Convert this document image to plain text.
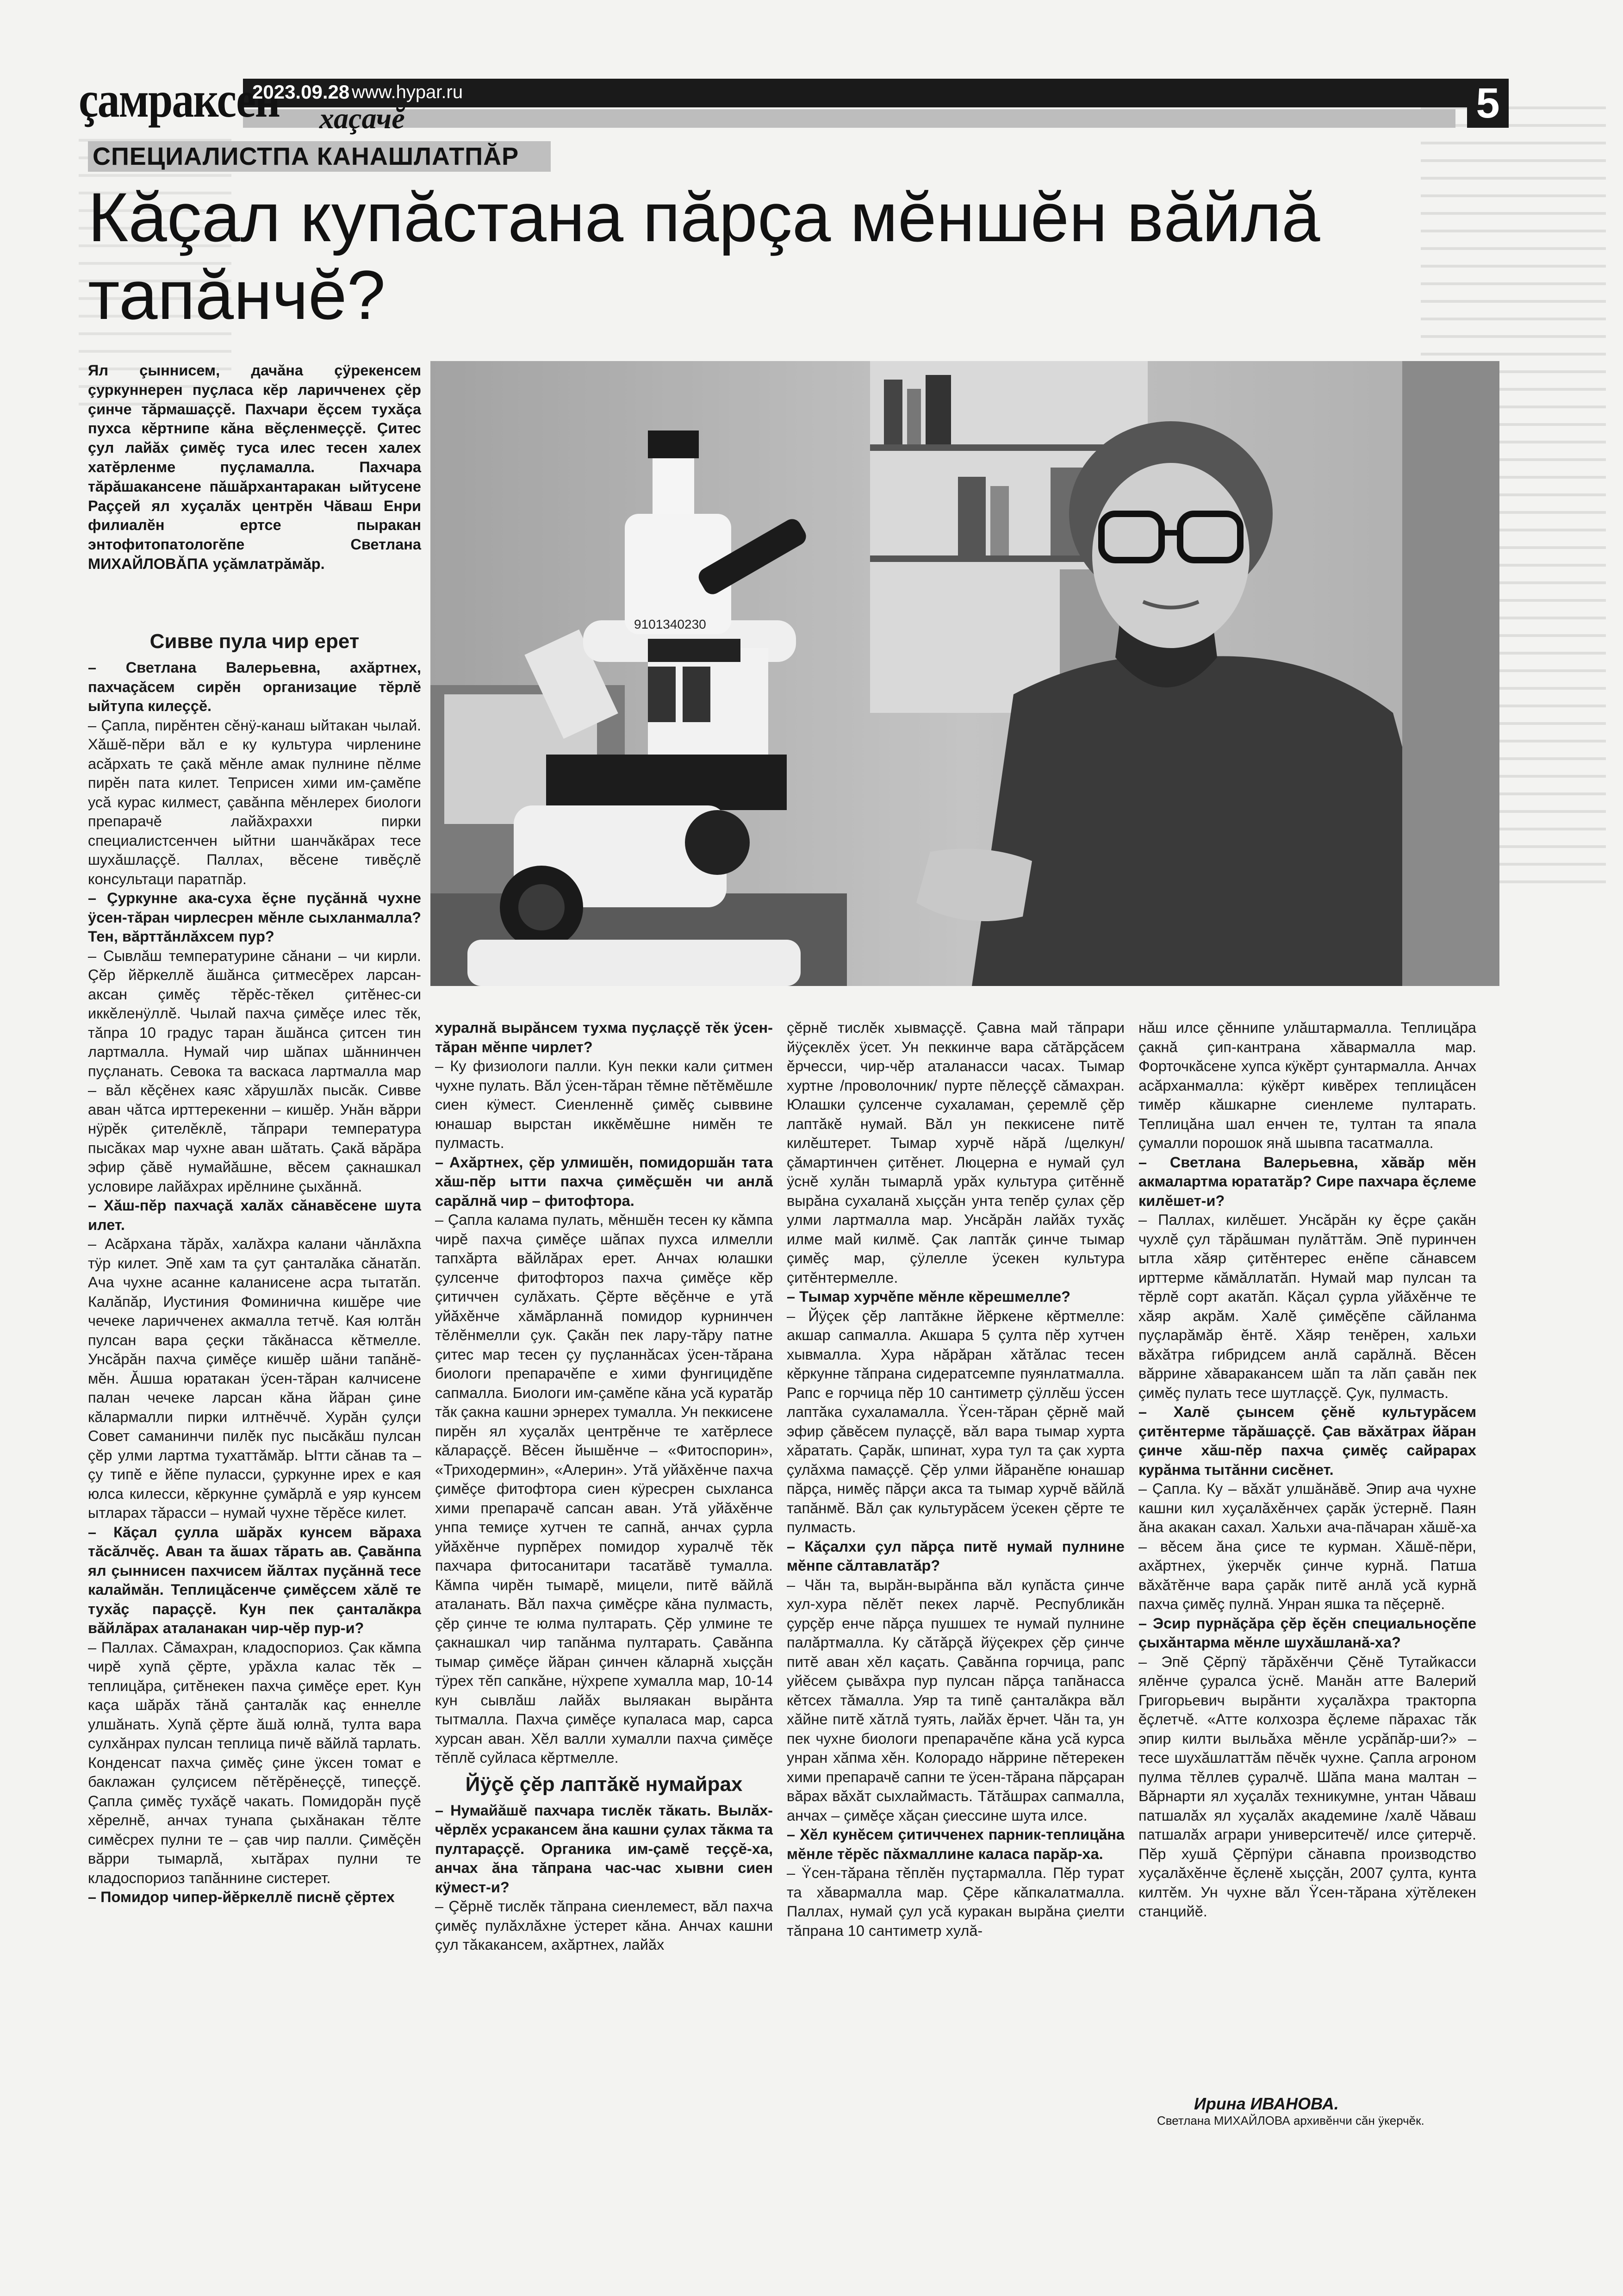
çамраксен
2023.09.28 www.hypar.ru
хаçачĕ	5
СПЕЦИАЛИСТПА КАНАШЛАТПĂР
Кăçал купăстана пăрçа мĕншĕн вăйлă тапăнчĕ?
Ял çыннисем, дачăна çÿрекенсем çуркуннерен пуçласа кĕр ларичченех çĕр çинче тăрмашаççĕ. Пахчари ĕçсем тухăçа пухса кĕртнипе кăна вĕçленмеççĕ. Çитес çул лайăх çимĕç туса илес тесен халех хатĕрленме пуçламалла. Пахчара тăрăшакансене пăшăрхантаракан ыйтусене Раççей ял хуçалăх центрĕн Чăваш Енри филиалĕн ертсе пыракан энтофитопатологĕпе Светлана МИХАЙЛОВĂПА уçăмлатрăмăр.
9101340230
Сивве пула чир ерет

– Светлана Валерьевна, ахăртнех, пахчаçăсем сирĕн организацие тĕрлĕ ыйтупа килеççĕ.

– Çапла, пирĕнтен сĕнÿ-канаш ыйтакан чылай. Хăшĕ-пĕри вăл е ку культура чирленине асăрхать те çакă мĕнле амак пулнине пĕлме пирĕн пата килет. Теприсен хими им-çамĕпе усă курас килмест, çавăнпа мĕнлерех биологи препарачĕ лайăхраххи пирки специалистсенчен ыйтни шанчăкăрах тесе шухăшлаççĕ. Паллах, вĕсене тивĕçлĕ консультаци паратпăр.

– Çуркунне ака-суха ĕçне пуçăннă чухне ÿсен-тăран чирлесрен мĕнле сыхланмалла? Тен, вăрттăнлăхсем пур?

– Сывлăш температурине сăнани – чи кирли. Çĕр йĕркеллĕ ăшăнса çитмесĕрех ларсан-аксан çимĕç тĕрĕс-тĕкел çитĕнес-си иккĕленÿллĕ. Чылай пахча çимĕçе илес тĕк, тăпра 10 градус таран ăшăнса çитсен тин лартмалла. Нумай чир шăпах шăннинчен пуçланать. Севока та васкаса лартмалла мар – вăл кĕçĕнех каяс хăрушлăх пысăк. Сивве аван чăтса ирттерекенни – кишĕр. Унăн вăрри нÿрĕк çителĕклĕ, тăпрари температура пысăках мар чухне аван шăтать. Çакă вăрăра эфир çăвĕ нумайăшне, вĕсем çакнашкал условире лайăхрах ирĕлнине çыхăннă.

– Хăш-пĕр пахчаçă халăх сăнавĕсене шута илет.

– Асăрхана тăрăх, халăхра калани чăнлăхпа тÿр килет. Эпĕ хам та çут çанталăка сăнатăп. Ача чухне асанне каланисене асра тытатăп. Калăпăр, Иустиния Фоминична кишĕре чие чечеке ларичченех акмалла тетчĕ. Кая юлтăн пулсан вара çеçки тăкăнасса кĕтмелле. Унсăрăн пахча çимĕçе кишĕр шăни тапăнĕ-мĕн. Ăшша юратакан ÿсен-тăран калчисене палан чечеке ларсан кăна йăран çине кăлармалли пирки илтнĕччĕ. Хурăн çулçи Совет саманинчи пилĕк пус пысăкăш пулсан çĕр улми лартма тухаттăмăр. Ытти сăнав та – çу типĕ е йĕпе пуласси, çуркунне ирех е кая юлса килесси, кĕркунне çумăрлă е уяр кунсем ытларах тăрасси – нумай чухне тĕрĕсе килет.

– Кăçал çулла шăрăх кунсем вăраха тăсăлчĕç. Аван та ăшах тăрать ав. Çавăнпа ял çыннисен пахчисем йăлтах пуçăннă тесе калаймăн. Теплицăсенче çимĕçсем хăлĕ те тухăç параççĕ. Кун пек çанталăкра вăйлăрах аталанакан чир-чĕр пур-и?

– Паллах. Сăмахран, кладоспориоз. Çак кăмпа чирĕ хупă çĕрте, урăхла калас тĕк – теплицăра, çитĕнекен пахча çимĕçе ерет. Кун каçа шăрăх тăнă çанталăк каç еннелле улшăнать. Хупă çĕрте ăшă юлнă, тулта вара сулхăнрах пулсан теплица пичĕ вăйлă тарлать. Конденсат пахча çимĕç çине ÿксен томат е баклажан çулçисем пĕтĕрĕнеççĕ, типеççĕ. Çапла çимĕç тухăçĕ чакать. Помидорăн пуçĕ хĕрелнĕ, анчах тунапа çыхăнакан тĕлте симĕсрех пулни те – çав чир палли. Çимĕçĕн вăрри тымарлă, хытăрах пулни те кладоспориоз тапăннине систерет.

– Помидор чипер-йĕркеллĕ писнĕ çĕртех

хуралнă вырăнсем тухма пуçлаççĕ тĕк ÿсен-тăран мĕнпе чирлет?

– Ку физиологи палли. Кун пекки кали çитмен чухне пулать. Вăл ÿсен-тăран тĕмне пĕтĕмĕшле сиен кÿмест. Сиенленнĕ çимĕç сыввине юнашар вырстан иккĕмĕшне нимĕн те пулмасть.

– Ахăртнех, çĕр улмишĕн, помидоршăн тата хăш-пĕр ытти пахча çимĕçшĕн чи анлă сарăлнă чир – фитофтора.

– Çапла калама пулать, мĕншĕн тесен ку кăмпа чирĕ пахча çимĕçе шăпах пухса илмелли тапхăрта вăйлăрах ерет. Анчах юлашки çулсенче фитофтороз пахча çимĕçе кĕр çитиччен сулăхать. Çĕрте вĕçĕнче е утă уйăхĕнче хăмăрланнă помидор курнинчен тĕлĕнмелли çук. Çакăн пек лару-тăру патне çитес мар тесен çу пуçланнăсах ÿсен-тăрана биологи препарачĕпе е хими фунгицидĕпе сапмалла. Биологи им-çамĕпе кăна усă куратăр тăк çакна кашни эрнерех тумалла. Ун пеккисене пирĕн ял хуçалăх центрĕнче те хатĕрлесе кăлараççĕ. Вĕсен йышĕнче – «Фитоспорин», «Триходермин», «Алерин». Утă уйăхĕнче пахча çимĕçе фитофтора сиен кÿресрен сыхланса хими препарачĕ сапсан аван. Утă уйăхĕнче унпа темиçе хутчен те сапнă, анчах çурла уйăхĕнче пурпĕрех помидор хуралчĕ тĕк пахчара фитосанитари тасатăвĕ тумалла. Кăмпа чирĕн тымарĕ, мицели, питĕ вăйлă аталанать. Вăл пахча çимĕçре кăна пулмасть, çĕр çинче те юлма пултарать. Çĕр улмине те çакнашкал чир тапăнма пултарать. Çавăнпа тымар çимĕçе йăран çинчен кăларнă хыççăн тÿрех тĕп сапкăне, нÿхрепе хумалла мар, 10-14 кун сывлăш лайăх выляакан вырăнта тытмалла. Пахча çимĕçе купаласа мар, сарса хурсан аван. Хĕл валли хумалли пахча çимĕçе тĕплĕ суйласа кĕртмелле.

Йÿçĕ çĕр лаптăкĕ нумайрах

– Нумайăшĕ пахчара тислĕк тăкать. Вылăх-чĕрлĕх усракансем ăна кашни çулах тăкма та пултараççĕ. Органика им-çамĕ теççĕ-ха, анчах ăна тăпрана час-час хывни сиен кÿмест-и?

– Çĕрнĕ тислĕк тăпрана сиенлемест, вăл пахча çимĕç пулăхлăхне ÿстерет кăна. Анчах кашни çул тăкакансем, ахăртнех, лайăх

çĕрнĕ тислĕк хывмаççĕ. Çавна май тăпрари йÿçеклĕх ÿсет. Ун пеккинче вара сăтăрçăсем ĕрчесси, чир-чĕр аталанасси часах. Тымар хуртне /проволочник/ пурте пĕлеççĕ сăмахран. Юлашки çулсенче сухаламан, çеремлĕ çĕр лаптăкĕ нумай. Вăл ун пеккисене питĕ килĕштерет. Тымар хурчĕ нăрă /щелкун/ çăмартинчен çитĕнет. Люцерна е нумай çул ÿснĕ хулăн тымарлă урăх культура çитĕннĕ вырăна сухаланă хыççăн унта тепĕр çулах çĕр улми лартмалла мар. Унсăрăн лайăх тухăç илме май килмĕ. Çак лаптăк çинче тымар çимĕç мар, çÿлелле ÿсекен культура çитĕнтермелле.

– Тымар хурчĕпе мĕнле кĕрешмелле?

– Йÿçек çĕр лаптăкне йĕркене кĕртмелле: акшар сапмалла. Акшара 5 çулта пĕр хутчен хывмалла. Хура нăрăран хăтăлас тесен кĕркунне тăпрана сидератсемпе пуянлатмалла. Рапс е горчица пĕр 10 сантиметр çÿллĕш ÿссен лаптăка сухаламалла. Ÿсен-тăран çĕрнĕ май эфир çăвĕсем пулаççĕ, вăл вара тымар хурта хăратать. Çарăк, шпинат, хура тул та çак хурта çулăхма памаççĕ. Çĕр улми йăранĕпе юнашар пăрçа, нимĕç пăрçи акса та тымар хурчĕ вăйлă тапăнмĕ. Вăл çак культурăсем ÿсекен çĕрте те пулмасть.

– Кăçалхи çул пăрçа питĕ нумай пулнине мĕнпе сăлтавлатăр?

– Чăн та, вырăн-вырăнпа вăл купăста çинче хул-хура пĕлĕт пекех ларчĕ. Республикăн çурçĕр енче пăрçа пушшех те нумай пулнине палăртмалла. Ку сăтăрçă йÿçекрех çĕр çинче питĕ аван хĕл каçать. Çавăнпа горчица, рапс уйĕсем çывăхра пур пулсан пăрçа тапăнасса кĕтсех тăмалла. Уяр та типĕ çанталăкра вăл хăйне питĕ хăтлă туять, лайăх ĕрчет. Чăн та, ун пек чухне биологи препарачĕпе кăна усă курса унран хăпма хĕн. Колорадо нăррине пĕтерекен хими препарачĕ сапни те ÿсен-тăрана пăрçаран вăрах вăхăт сыхлаймасть. Тăтăшрах сапмалла, анчах – çимĕçе хăçан çиессине шута илсе.

– Хĕл кунĕсем çитичченех парник-теплицăна мĕнле тĕрĕс пăхмаллине каласа парăр-ха.

– Ÿсен-тăрана тĕплĕн пуçтармалла. Пĕр турат та хăвармалла мар. Çĕре кăпкалатмалла. Паллах, нумай çул усă куракан вырăна çиелти тăпрана 10 сантиметр хулă-

нăш илсе çĕннипе улăштармалла. Теплицăра çакнă çип-кантрана хăвармалла мар. Форточкăсене хупса кÿкĕрт çунтармалла. Анчах асăрханмалла: кÿкĕрт кивĕрех теплицăсен тимĕр кăшкарне сиенлеме пултарать. Теплицăна шал енчен те, тултан та япала çумалли порошок янă шывпа тасатмалла.

– Светлана Валерьевна, хăвăр мĕн акмалартма юрататăр? Сире пахчара ĕçлеме килĕшет-и?

– Паллах, килĕшет. Унсăрăн ку ĕçре çакăн чухлĕ çул тăрăшман пулăттăм. Эпĕ пуринчен ытла хăяр çитĕнтерес енĕпе сăнавсем ирттерме кăмăллатăп. Нумай мар пулсан та тĕрлĕ сорт акатăп. Кăçал çурла уйăхĕнче те хăяр акрăм. Халĕ çимĕçĕпе сăйланма пуçларăмăр ĕнтĕ. Хăяр тенĕрен, хальхи вăхăтра гибридсем анлă сарăлнă. Вĕсен вăррине хăваракансем шăп та лăп çавăн пек çимĕç пулать тесе шутлаççĕ. Çук, пулмасть.

– Халĕ çынсем çĕнĕ культурăсем çитĕнтерме тăрăшаççĕ. Çав вăхăтрах йăран çинче хăш-пĕр пахча çимĕç сайрарах курăнма тытăнни сисĕнет.

– Çапла. Ку – вăхăт улшăнăвĕ. Эпир ача чухне кашни кил хуçалăхĕнчех çарăк ÿстернĕ. Паян ăна акакан сахал. Хальхи ача-пăчаран хăшĕ-ха – вĕсем ăна çисе те курман. Хăшĕ-пĕри, ахăртнех, ÿкерчĕк çинче курнă. Патша вăхăтĕнче вара çарăк питĕ анлă усă курнă пахча çимĕç пулнă. Унран яшка та пĕçернĕ.

– Эсир пурнăçăра çĕр ĕçĕн специальноçĕпе çыхăнтарма мĕнле шухăшланă-ха?

– Эпĕ Çĕрпÿ тăрăхĕнчи Çĕнĕ Тутайкасси ялĕнче çуралса ÿснĕ. Манăн атте Валерий Григорьевич вырăнти хуçалăхра тракторпа ĕçлетчĕ. «Атте колхозра ĕçлеме пăрахас тăк эпир килти выльăха мĕнле усрăпăр-ши?» – тесе шухăшлаттăм пĕчĕк чухне. Çапла агроном пулма тĕллев çуралчĕ. Шăпа мана малтан – Вăрнарти ял хуçалăх техникумне, унтан Чăваш патшалăх ял хуçалăх академине /халĕ Чăваш патшалăх аграри университечĕ/ илсе çитерчĕ. Пĕр хушă Çĕрпÿри сăнавпа производство хуçалăхĕнче ĕçленĕ хыççăн, 2007 çулта, кунта килтĕм. Ун чухне вăл Ÿсен-тăрана хÿтĕлекен станцийĕ.

Ирина ИВАНОВА.
Светлана МИХАЙЛОВА архивĕнчи сăн ÿкерчĕк.
